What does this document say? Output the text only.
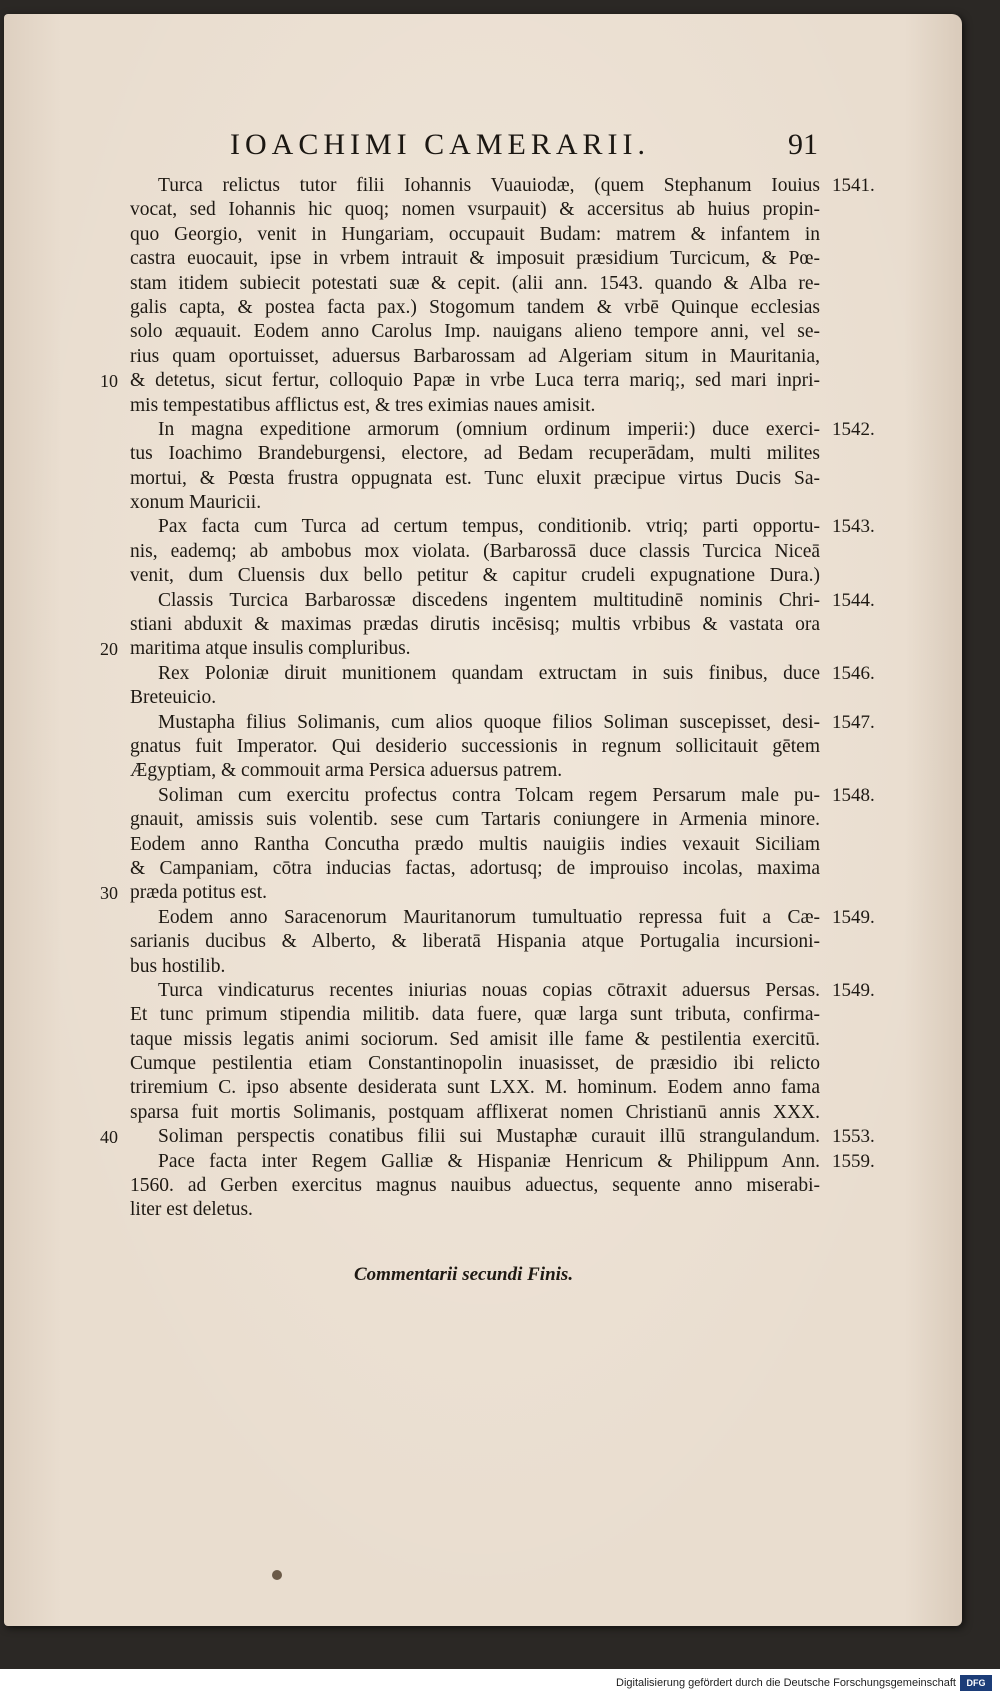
IOACHIMI CAMERARII.	91
Turca relictus tutor filii Iohannis Vuauiodæ, (quem Stephanum Iouius 1541.
vocat, sed Iohannis hic quoq; nomen vsurpauit) & accersitus ab huius propin-
quo Georgio, venit in Hungariam, occupauit Budam: matrem & infantem in
castra euocauit, ipse in vrbem intrauit & imposuit præsidium Turcicum, & Pœ-
stam itidem subiecit potestati suæ & cepit. (alii ann. 1543. quando & Alba re-
galis capta, & postea facta pax.) Stogomum tandem & vrbē Quinque ecclesias
solo æquauit. Eodem anno Carolus Imp. nauigans alieno tempore anni, vel se-
rius quam oportuisset, aduersus Barbarossam ad Algeriam situm in Mauritania,
& detetus, sicut fertur, colloquio Papæ in vrbe Luca terra mariq;, sed mari inpri-
10
mis tempestatibus afflictus est, & tres eximias naues amisit.
In magna expeditione armorum (omnium ordinum imperii:) duce exerci- 1542.
tus Ioachimo Brandeburgensi, electore, ad Bedam recuperādam, multi milites
mortui, & Pœsta frustra oppugnata est. Tunc eluxit præcipue virtus Ducis Sa-
xonum Mauricii.
Pax facta cum Turca ad certum tempus, conditionib. vtriq; parti opportu- 1543.
nis, eademq; ab ambobus mox violata. (Barbarossā duce classis Turcica Niceā
venit, dum Cluensis dux bello petitur & capitur crudeli expugnatione Dura.)
Classis Turcica Barbarossæ discedens ingentem multitudinē nominis Chri- 1544.
stiani abduxit & maximas prædas dirutis incēsisq; multis vrbibus & vastata ora
maritima atque insulis compluribus.
20
Rex Poloniæ diruit munitionem quandam extructam in suis finibus, duce 1546.
Breteuicio.
Mustapha filius Solimanis, cum alios quoque filios Soliman suscepisset, desi- 1547.
gnatus fuit Imperator. Qui desiderio successionis in regnum sollicitauit gētem
Ægyptiam, & commouit arma Persica aduersus patrem.
Soliman cum exercitu profectus contra Tolcam regem Persarum male pu- 1548.
gnauit, amissis suis volentib. sese cum Tartaris coniungere in Armenia minore.
Eodem anno Rantha Concutha prædo multis nauigiis indies vexauit Siciliam
& Campaniam, cōtra inducias factas, adortusq; de improuiso incolas, maxima
præda potitus est.
30
Eodem anno Saracenorum Mauritanorum tumultuatio repressa fuit a Cæ- 1549.
sarianis ducibus & Alberto, & liberatā Hispania atque Portugalia incursioni-
bus hostilib.
Turca vindicaturus recentes iniurias nouas copias cōtraxit aduersus Persas. 1549.
Et tunc primum stipendia militib. data fuere, quæ larga sunt tributa, confirma-
taque missis legatis animi sociorum. Sed amisit ille fame & pestilentia exercitū.
Cumque pestilentia etiam Constantinopolin inuasisset, de præsidio ibi relicto
triremium C. ipso absente desiderata sunt LXX. M. hominum. Eodem anno fama
sparsa fuit mortis Solimanis, postquam afflixerat nomen Christianū annis XXX.
Soliman perspectis conatibus filii sui Mustaphæ curauit illū strangulandum. 1553.
40
Pace facta inter Regem Galliæ & Hispaniæ Henricum & Philippum Ann. 1559.
1560. ad Gerben exercitus magnus nauibus aduectus, sequente anno miserabi-
liter est deletus.
Commentarii secundi Finis.
Digitalisierung gefördert durch die Deutsche Forschungsgemeinschaft	DFG
